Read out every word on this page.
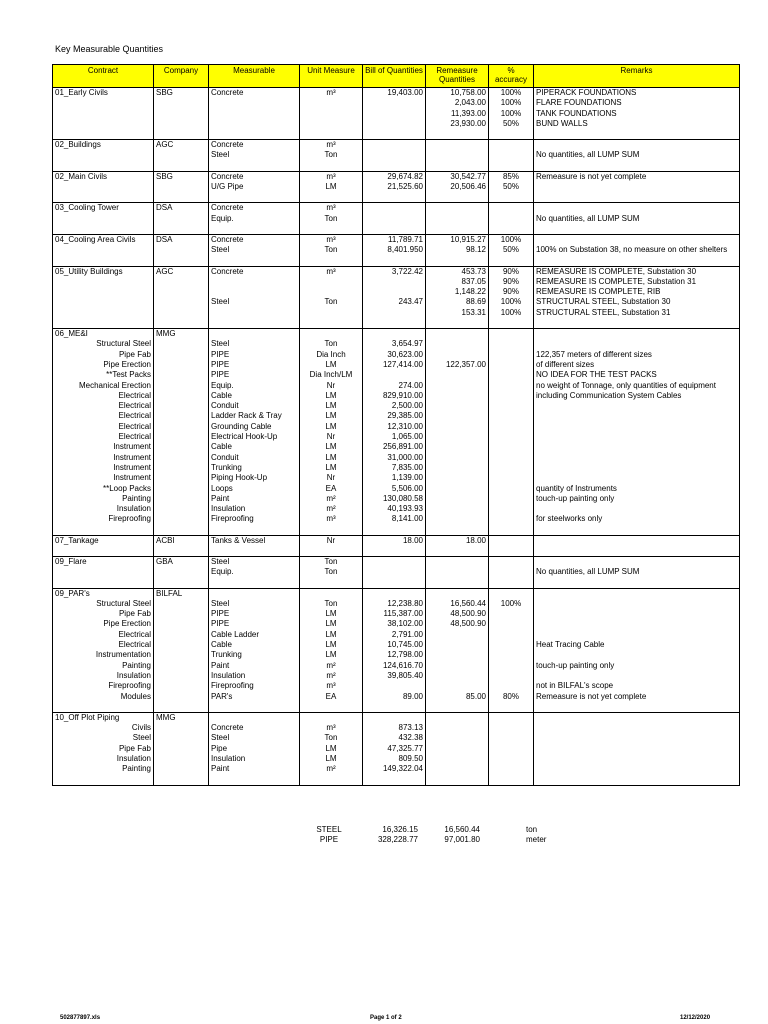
Key Measurable Quantities
Contract	Company	Measurable	Unit Measure	Bill of Quantities	Remeasure Quantities	% accuracy	Remarks
01_Early Civils	SBG	Concrete	m³	19,403.00	10,758.00	100%	PIPERACK FOUNDATIONS
					2,043.00	100%	FLARE FOUNDATIONS
					11,393.00	100%	TANK FOUNDATIONS
					23,930.00	50%	BUND WALLS

02_Buildings	AGC	Concrete	m³				
		Steel	Ton				No quantities, all LUMP SUM

02_Main Civils	SBG	Concrete	m³	29,674.82	30,542.77	85%	Remeasure is not yet complete
		U/G Pipe	LM	21,525.60	20,506.46	50%	

03_Cooling Tower	DSA	Concrete	m³				
		Equip.	Ton				No quantities, all LUMP SUM

04_Cooling Area Civils	DSA	Concrete	m³	11,789.71	10,915.27	100%	
		Steel	Ton	8,401.950	98.12	50%	100% on Substation 38, no measure on other shelters

05_Utility Buildings	AGC	Concrete	m³	3,722.42	453.73	90%	REMEASURE IS COMPLETE, Substation 30
					837.05	90%	REMEASURE IS COMPLETE, Substation 31
					1,148.22	90%	REMEASURE IS COMPLETE, RIB
		Steel	Ton	243.47	88.69	100%	STRUCTURAL STEEL, Substation 30
					153.31	100%	STRUCTURAL STEEL, Substation 31

06_ME&I	MMG						
Structural Steel		Steel	Ton	3,654.97			
Pipe Fab		PIPE	Dia Inch	30,623.00			122,357 meters of different sizes
Pipe Erection		PIPE	LM	127,414.00	122,357.00		of different sizes
**Test Packs		PIPE	Dia Inch/LM				NO IDEA FOR THE TEST PACKS
Mechanical Erection		Equip.	Nr	274.00			no weight of Tonnage, only quantities of equipment
Electrical		Cable	LM	829,910.00			including Communication System Cables
Electrical		Conduit	LM	2,500.00			
Electrical		Ladder Rack & Tray	LM	29,385.00			
Electrical		Grounding Cable	LM	12,310.00			
Electrical		Electrical Hook-Up	Nr	1,065.00			
Instrument		Cable	LM	256,891.00			
Instrument		Conduit	LM	31,000.00			
Instrument		Trunking	LM	7,835.00			
Instrument		Piping Hook-Up	Nr	1,139.00			
**Loop Packs		Loops	EA	5,506.00			quantity of Instruments
Painting		Paint	m²	130,080.58			touch-up painting only
Insulation		Insulation	m²	40,193.93			
Fireproofing		Fireproofing	m³	8,141.00			for steelworks only

07_Tankage	ACBI	Tanks & Vessel	Nr	18.00	18.00		

09_Flare	GBA	Steel	Ton				
		Equip.	Ton				No quantities, all LUMP SUM

09_PAR's	BILFAL						
Structural Steel		Steel	Ton	12,238.80	16,560.44	100%	
Pipe Fab		PIPE	LM	115,387.00	48,500.90		
Pipe Erection		PIPE	LM	38,102.00	48,500.90		
Electrical		Cable Ladder	LM	2,791.00			
Electrical		Cable	LM	10,745.00			Heat Tracing Cable
Instrumentation		Trunking	LM	12,798.00			
Painting		Paint	m²	124,616.70			touch-up painting only
Insulation		Insulation	m²	39,805.40			
Fireproofing		Fireproofing	m³				not in BILFAL's scope
Modules		PAR's	EA	89.00	85.00	80%	Remeasure is not yet complete

10_Off Plot Piping	MMG						
Civils		Concrete	m³	873.13			
Steel		Steel	Ton	432.38			
Pipe Fab		Pipe	LM	47,325.77			
Insulation		Insulation	LM	809.50			
Painting		Paint	m²	149,322.04			

STEEL	16,326.15	16,560.44	ton
PIPE	328,228.77	97,001.80	meter
502877897.xls	Page 1 of 2	12/12/2020
